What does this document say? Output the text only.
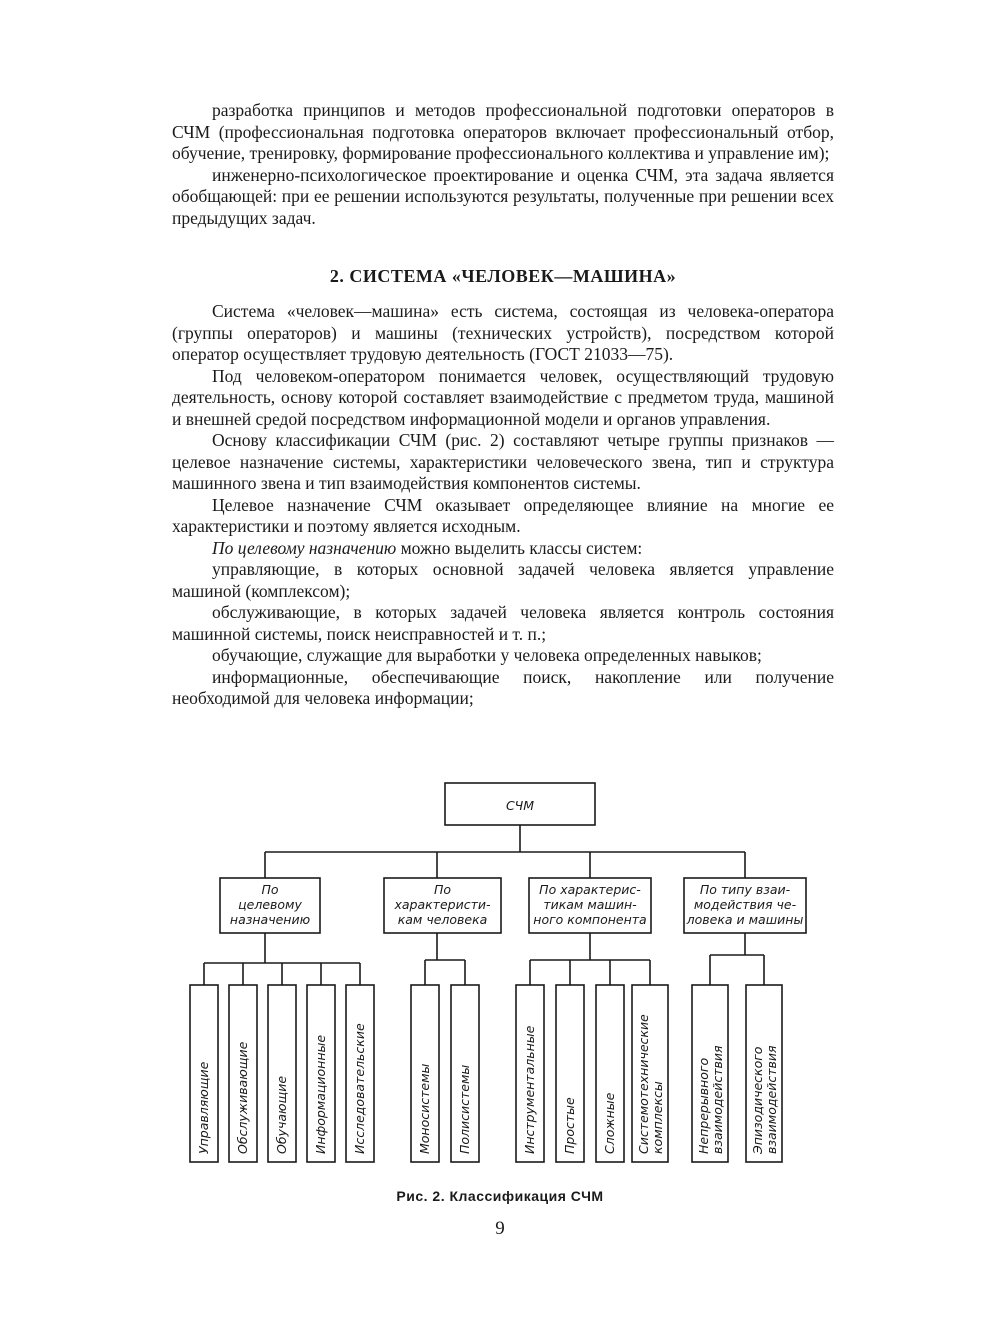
разработка принципов и методов профессиональной подготовки операторов в СЧМ (профессиональная подготовка операторов включает профессиональный отбор, обучение, тренировку, формирование профессионального коллектива и управление им);

инженерно-психологическое проектирование и оценка СЧМ, эта задача является обобщающей: при ее решении используются результаты, полученные при решении всех предыдущих задач.

2. СИСТЕМА «ЧЕЛОВЕК—МАШИНА»

Система «человек—машина» есть система, состоящая из человека-оператора (группы операторов) и машины (технических устройств), посредством которой оператор осуществляет трудовую деятельность (ГОСТ 21033—75).

Под человеком-оператором понимается человек, осуществляющий трудовую деятельность, основу которой составляет взаимодействие с предметом труда, машиной и внешней средой посредством информационной модели и органов управления.

Основу классификации СЧМ (рис. 2) составляют четыре группы признаков — целевое назначение системы, характеристики человеческого звена, тип и структура машинного звена и тип взаимодействия компонентов системы.

Целевое назначение СЧМ оказывает определяющее влияние на многие ее характеристики и поэтому является исходным.

По целевому назначению можно выделить классы систем:

управляющие, в которых основной задачей человека является управление машиной (комплексом);

обслуживающие, в которых задачей человека является контроль состояния машинной системы, поиск неисправностей и т. п.;

обучающие, служащие для выработки у человека определенных навыков;

информационные, обеспечивающие поиск, накопление или получение необходимой для человека информации;

СЧМ
По
целевому
назначению
Управляющие Обслуживающие Обучающие Информационные Исследовательские
По
характеристи-
кам человека
Моносистемы Полисистемы
По характерис-
тикам машин-
ного компонента
Инструментальные Простые Сложные Системотехнические комплексы
По типу взаи-
модействия че-
ловека и машины
Непрерывного взаимодействия Эпизодического взаимодействия
Рис. 2. Классификация СЧМ
9
